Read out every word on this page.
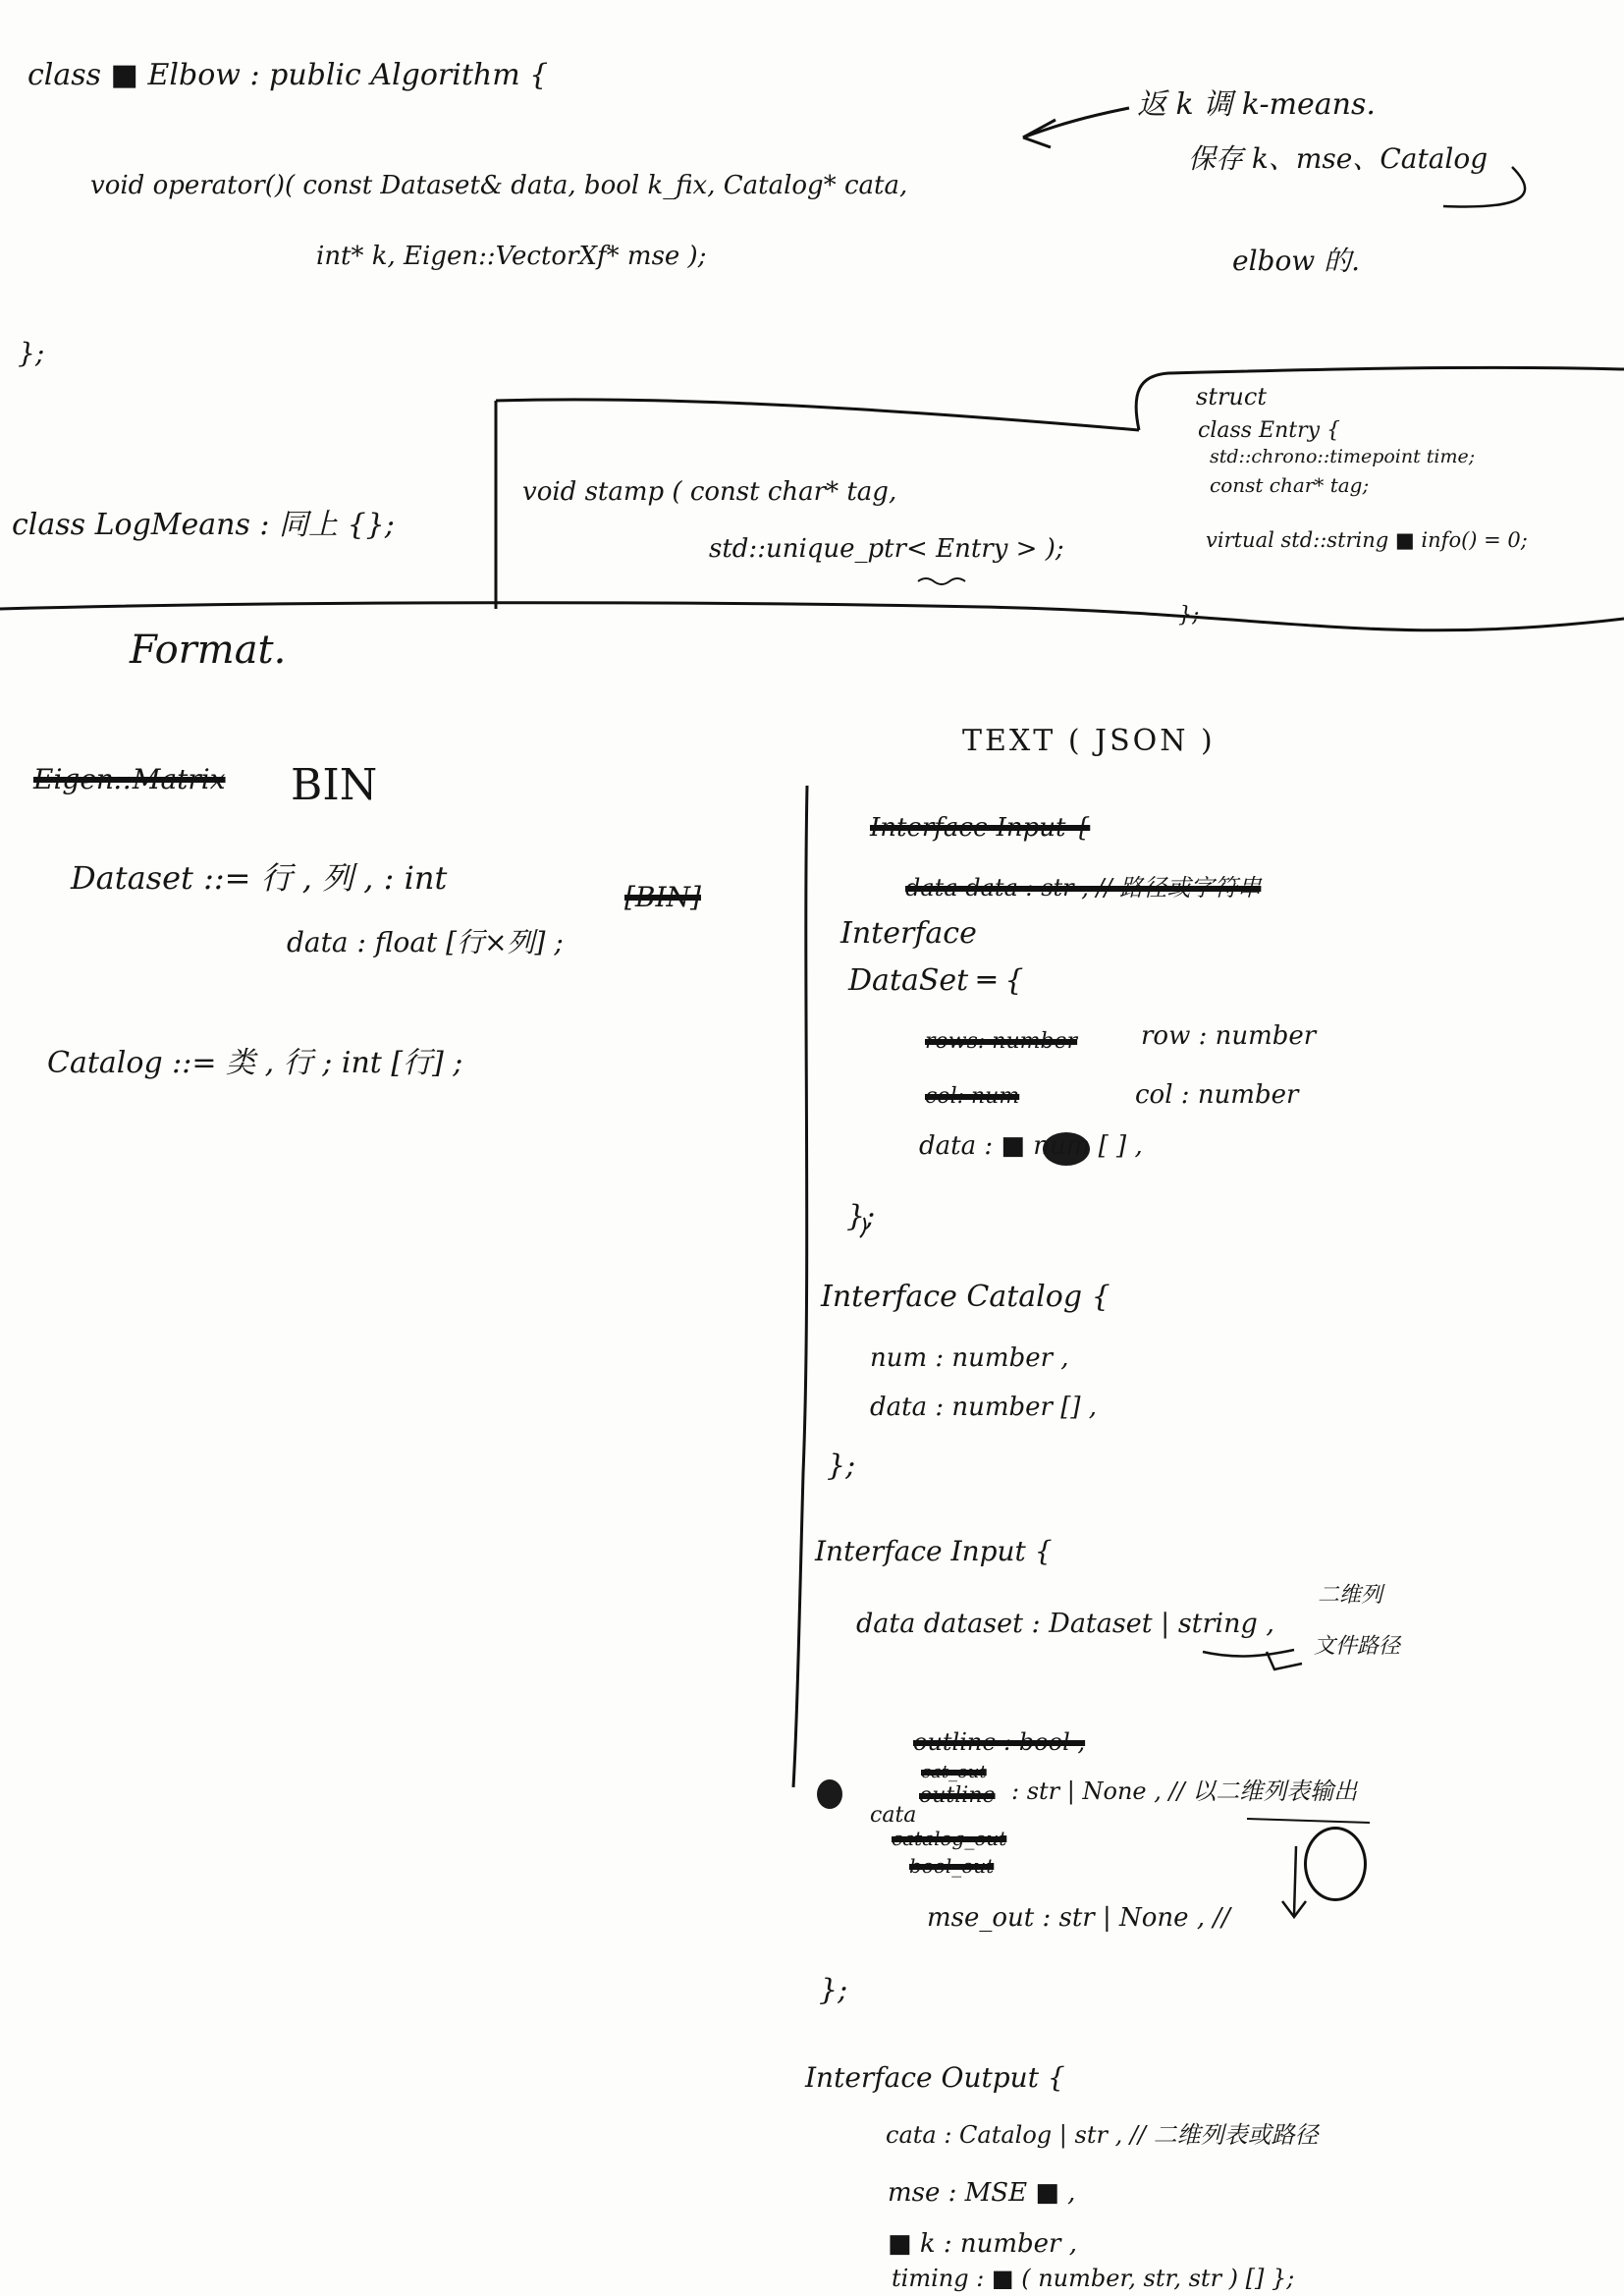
class ■ Elbow : public Algorithm {
void operator()( const Dataset& data, bool k_fix, Catalog* cata,
int* k, Eigen::VectorXf* mse );
};
返 k 调 k-means.
保存 k、mse、Catalog
elbow 的.
class LogMeans : 同上 {};
void stamp ( const char* tag,
std::unique_ptr< Entry > );
struct
class Entry {
std::chrono::timepoint time;
const char* tag;
virtual std::string ■ info() = 0;
};
Format.
Eigen::Matrix BIN
Dataset ::= 行 , 列 , : int
data : float [行×列] ;
[BIN]
Catalog ::= 类 , 行 ; int [行] ;
TEXT ( JSON )
Interface Input {
data data : str , // 路径或字符串
Interface
DataSet ═ {
rows: number row : number
col: num	col : number
data : ■ num [ ] ,
};
Interface Catalog {
num : number ,
data : number [] ,
};
Interface Input {
data dataset : Dataset | string ,
二维列
文件路径
outline : bool ,
cat_out
outline
cata
: str | None , // 以二维列表输出
catalog_out
bool_out
mse_out : str | None , //
};
Interface Output {
cata : Catalog | str , // 二维列表或路径
mse : MSE ■ ,
■ k : number ,
timing : ■ ( number, str, str ) [] };
